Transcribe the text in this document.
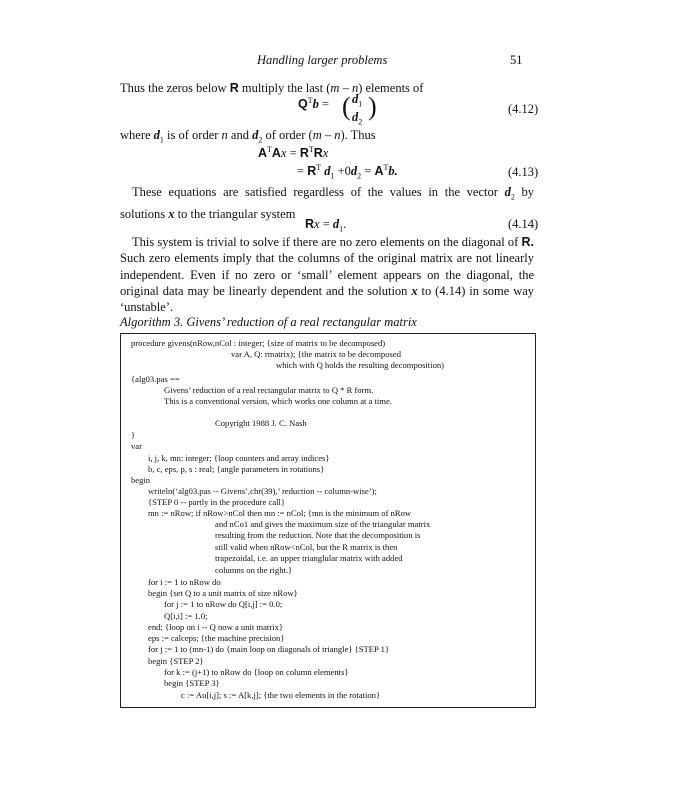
Handling larger problems	51
Thus the zeros below R multiply the last (m – n) elements of
$Q^Tb$ = ( $d_1$
$d_2$
)	(4.12)
where $d_1$ is of order n and $d_2$ of order (m – n). Thus
$A^TAx = R^TRx$
= $R^T$ $d_1 +0d_2 = A^Tb$.	(4.13)
These equations are satisfied regardless of the values in the vector $d_2$ by
solutions x to the triangular system
$Rx = d_1$.	(4.14)
This system is trivial to solve if there are no zero elements on the diagonal of R.
Such zero elements imply that the columns of the original matrix are not linearly
independent. Even if no zero or ‘small’ element appears on the diagonal, the
original data may be linearly dependent and the solution x to (4.14) in some way
‘unstable’.
Algorithm 3. Givens’ reduction of a real rectangular matrix
procedure givens(nRow,nCol : integer; {size of matrix to be decomposed)
var A, Q: rmatrix); {the matrix to be decomposed
which with Q holds the resulting decomposition)
{alg03.pas ==
Givens’ reduction of a real rectangular matrix to Q * R form.
This is a conventional version, which works one column at a time.
Copyright 1988 J. C. Nash
}
var
i, j, k, mn: integer; {loop counters and array indices}
b, c, eps, p, s : real; {angle parameters in rotations}
begin
writeln(‘alg03.pas -- Givens’,chr(39),’ reduction -- column-wise’);
{STEP 0 -- partly in the procedure call}
mn := nRow; if nRow>nCol then mn := nCol; {mn is the minimum of nRow
and nCo1 and gives the maximum size of the triangular matrix
resulting from the reduction. Note that the decomposition is
still valid when nRow<nCol, but the R matrix is then
trapezoidal, i.e. an upper trianglular matrix with added
columns on the right.}
for i := 1 to nRow do
begin {set Q to a unit matrix of size nRow}
for j := 1 to nRow do Q[i,j] := 0.0;
Q[i,i] := 1.0;
end; {loop on i -- Q now a unit matrix}
eps := calceps; {the machine precision}
for j := 1 to (mn-1) do {main loop on diagonals of triangle} {STEP 1}
begin {STEP 2}
for k := (j+1) to nRow do {loop on column elements}
begin {STEP 3}
c := Au[i,j]; s := A[k,j]; {the two elements in the rotation}
